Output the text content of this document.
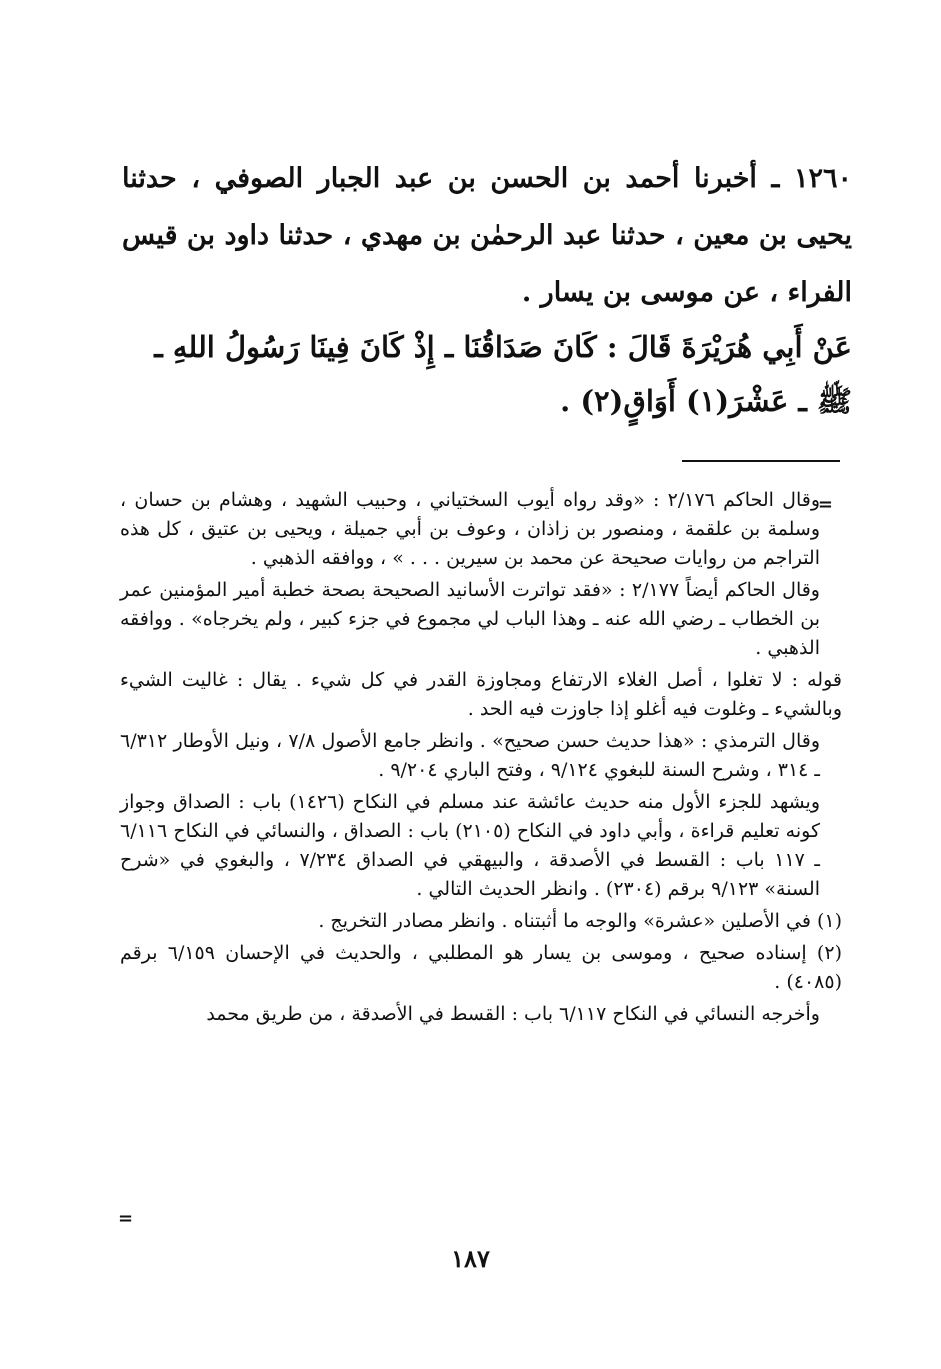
١٢٦٠ ـ أخبرنا أحمد بن الحسن بن عبد الجبار الصوفي ، حدثنا يحيى بن معين ، حدثنا عبد الرحمٰن بن مهدي ، حدثنا داود بن قيس الفراء ، عن موسى بن يسار .

عَنْ أَبِي هُرَيْرَةَ قَالَ : كَانَ صَدَاقُنَا ـ إِذْ كَانَ فِينَا رَسُولُ اللهِ ـ ﷺ ـ عَشْرَ(١) أَوَاقٍ(٢) .
=

وقال الحاكم ٢/١٧٦ : «وقد رواه أيوب السختياني ، وحبيب الشهيد ، وهشام بن حسان ، وسلمة بن علقمة ، ومنصور بن زاذان ، وعوف بن أبي جميلة ، ويحيى بن عتيق ، كل هذه التراجم من روايات صحيحة عن محمد بن سيرين . . . » ، ووافقه الذهبي .

وقال الحاكم أيضاً ٢/١٧٧ : «فقد تواترت الأسانيد الصحيحة بصحة خطبة أمير المؤمنين عمر بن الخطاب ـ رضي الله عنه ـ وهذا الباب لي مجموع في جزء كبير ، ولم يخرجاه» . ووافقه الذهبي .

قوله : لا تغلوا ، أصل الغلاء الارتفاع ومجاوزة القدر في كل شيء . يقال : غاليت الشيء وبالشيء ـ وغلوت فيه أغلو إذا جاوزت فيه الحد .

وقال الترمذي : «هذا حديث حسن صحيح» . وانظر جامع الأصول ٧/٨ ، ونيل الأوطار ٦/٣١٢ ـ ٣١٤ ، وشرح السنة للبغوي ٩/١٢٤ ، وفتح الباري ٩/٢٠٤ .

ويشهد للجزء الأول منه حديث عائشة عند مسلم في النكاح (١٤٢٦) باب : الصداق وجواز كونه تعليم قراءة ، وأبي داود في النكاح (٢١٠٥) باب : الصداق ، والنسائي في النكاح ٦/١١٦ ـ ١١٧ باب : القسط في الأصدقة ، والبيهقي في الصداق ٧/٢٣٤ ، والبغوي في «شرح السنة» ٩/١٢٣ برقم (٢٣٠٤) . وانظر الحديث التالي .

(١) في الأصلين «عشرة» والوجه ما أثبتناه . وانظر مصادر التخريج .

(٢) إسناده صحيح ، وموسى بن يسار هو المطلبي ، والحديث في الإحسان ٦/١٥٩ برقم (٤٠٨٥) .

وأخرجه النسائي في النكاح ٦/١١٧ باب : القسط في الأصدقة ، من طريق محمد

=
١٨٧
